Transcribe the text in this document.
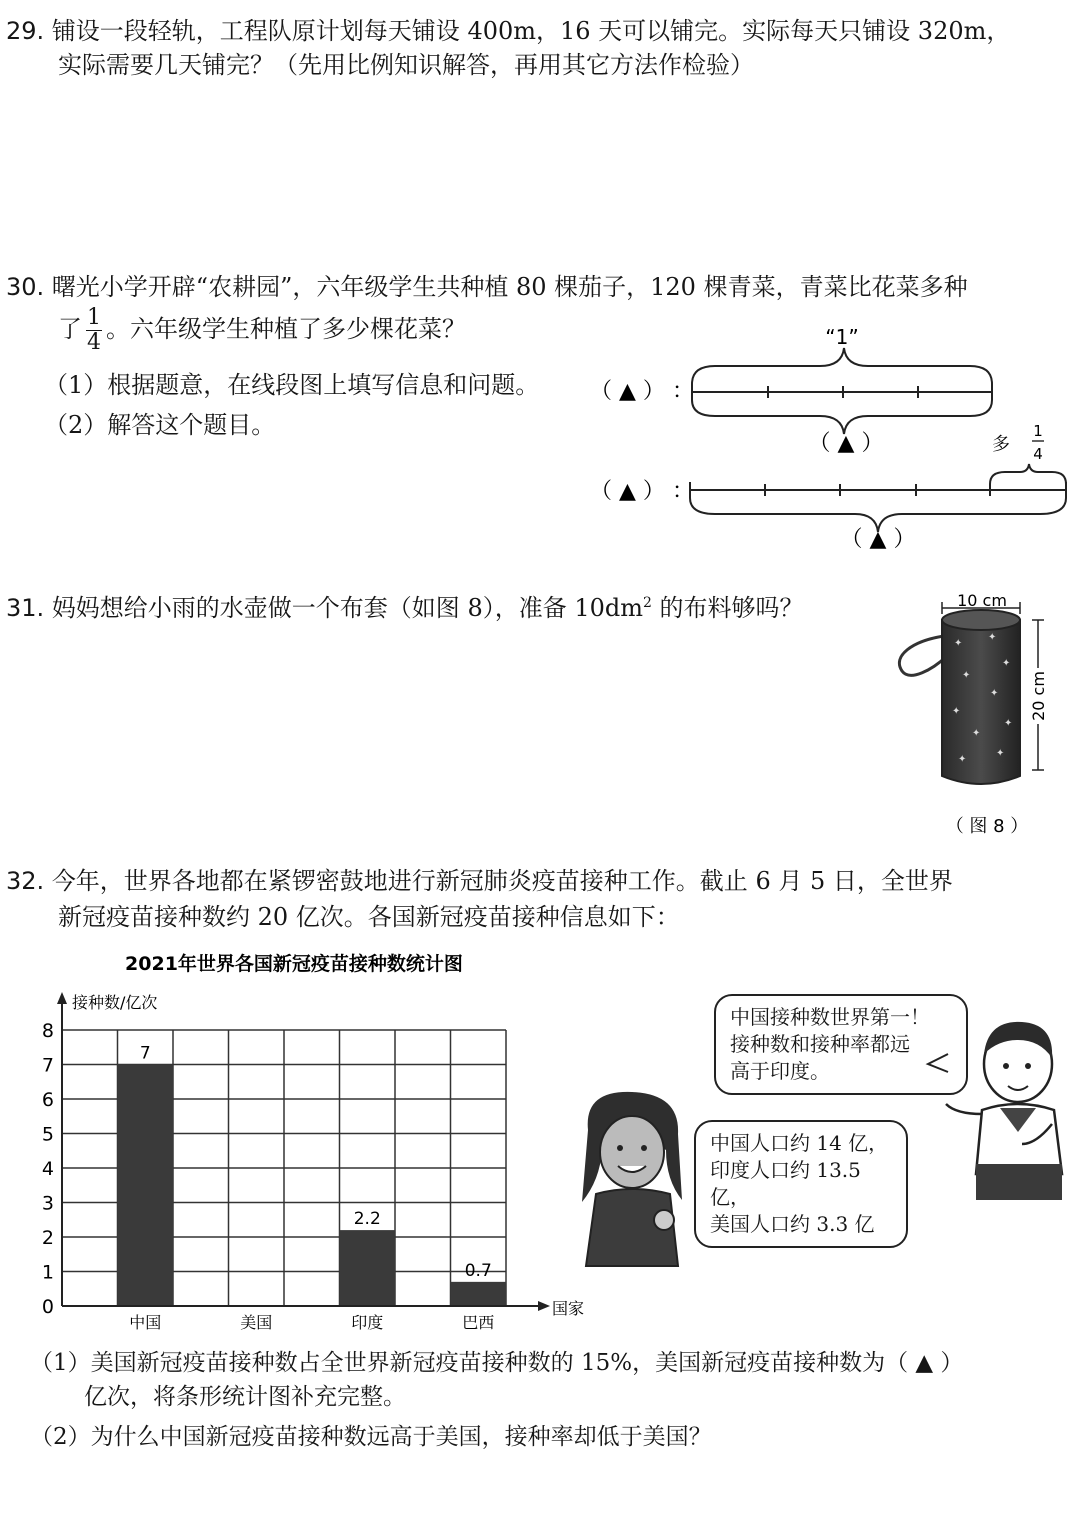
29. 铺设一段轻轨，工程队原计划每天铺设 400m，16 天可以铺完。实际每天只铺设 320m，
实际需要几天铺完？（先用比例知识解答，再用其它方法作检验）
30. 曙光小学开辟“农耕园”，六年级学生共种植 80 棵茄子，120 棵青菜，青菜比花菜多种
了 $\frac{1}{4}$ 。六年级学生种植了多少棵花菜？
（1）根据题意，在线段图上填写信息和问题。
（2）解答这个题目。
“1”
（ ▲ ） ：
（ ▲ ）	多
1
4
（ ▲ ） ：
（ ▲ ）
31. 妈妈想给小雨的水壶做一个布套（如图 8），准备 $10dm^2$ 的布料够吗？	10 cm
✦
✦
✦
✦
✦
✦
✦
✦
✦
✦
20 cm
（ 图 8 ）
32. 今年，世界各地都在紧锣密鼓地进行新冠肺炎疫苗接种工作。截止 6 月 5 日，全世界
新冠疫苗接种数约 20 亿次。各国新冠疫苗接种信息如下：
2021年世界各国新冠疫苗接种数统计图
接种数/亿次
国家
7
2.2
0.7
0
1
2
3
4
5
6
7
8
中国	美国	印度	巴西
中国接种数世界第一！
接种数和接种率都远
高于印度。
中国人口约 14 亿，
印度人口约 13.5 亿，
美国人口约 3.3 亿
（1）美国新冠疫苗接种数占全世界新冠疫苗接种数的 15%，美国新冠疫苗接种数为（ ▲ ）
亿次，将条形统计图补充完整。
（2）为什么中国新冠疫苗接种数远高于美国，接种率却低于美国？
